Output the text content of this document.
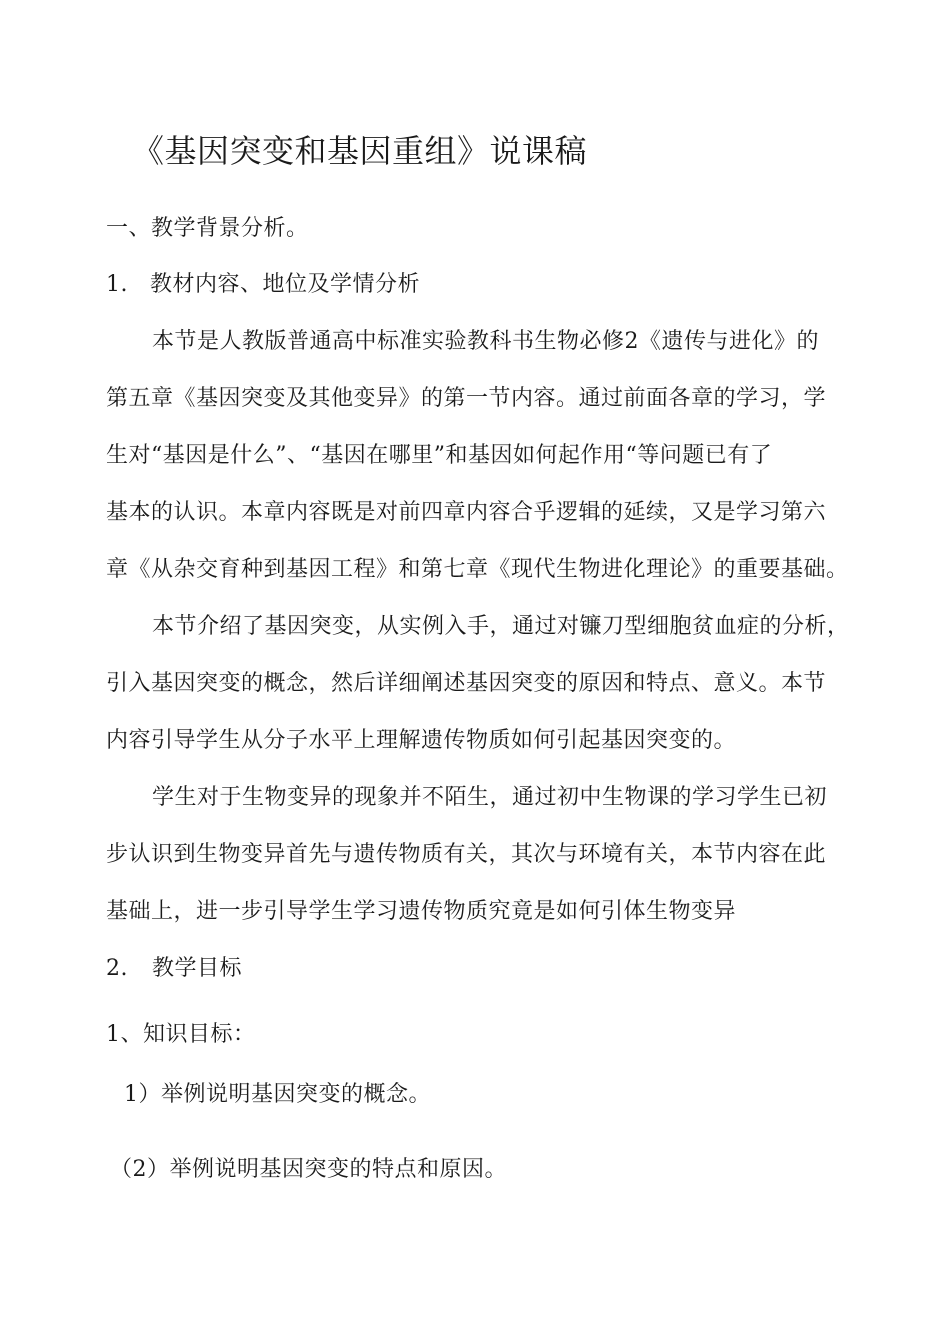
《基因突变和基因重组》说课稿
一、教学背景分析。
1. 教材内容、地位及学情分析
本节是人教版普通高中标准实验教科书生物必修2《遗传与进化》的
第五章《基因突变及其他变异》的第一节内容。通过前面各章的学习，学
生对“基因是什么”、“基因在哪里”和基因如何起作用“等问题已有了
基本的认识。本章内容既是对前四章内容合乎逻辑的延续，又是学习第六
章《从杂交育种到基因工程》和第七章《现代生物进化理论》的重要基础。
本节介绍了基因突变，从实例入手，通过对镰刀型细胞贫血症的分析，
引入基因突变的概念，然后详细阐述基因突变的原因和特点、意义。本节
内容引导学生从分子水平上理解遗传物质如何引起基因突变的。
学生对于生物变异的现象并不陌生，通过初中生物课的学习学生已初
步认识到生物变异首先与遗传物质有关，其次与环境有关，本节内容在此
基础上，进一步引导学生学习遗传物质究竟是如何引体生物变异
2. 教学目标
1、知识目标：
1）举例说明基因突变的概念。
（2）举例说明基因突变的特点和原因。
